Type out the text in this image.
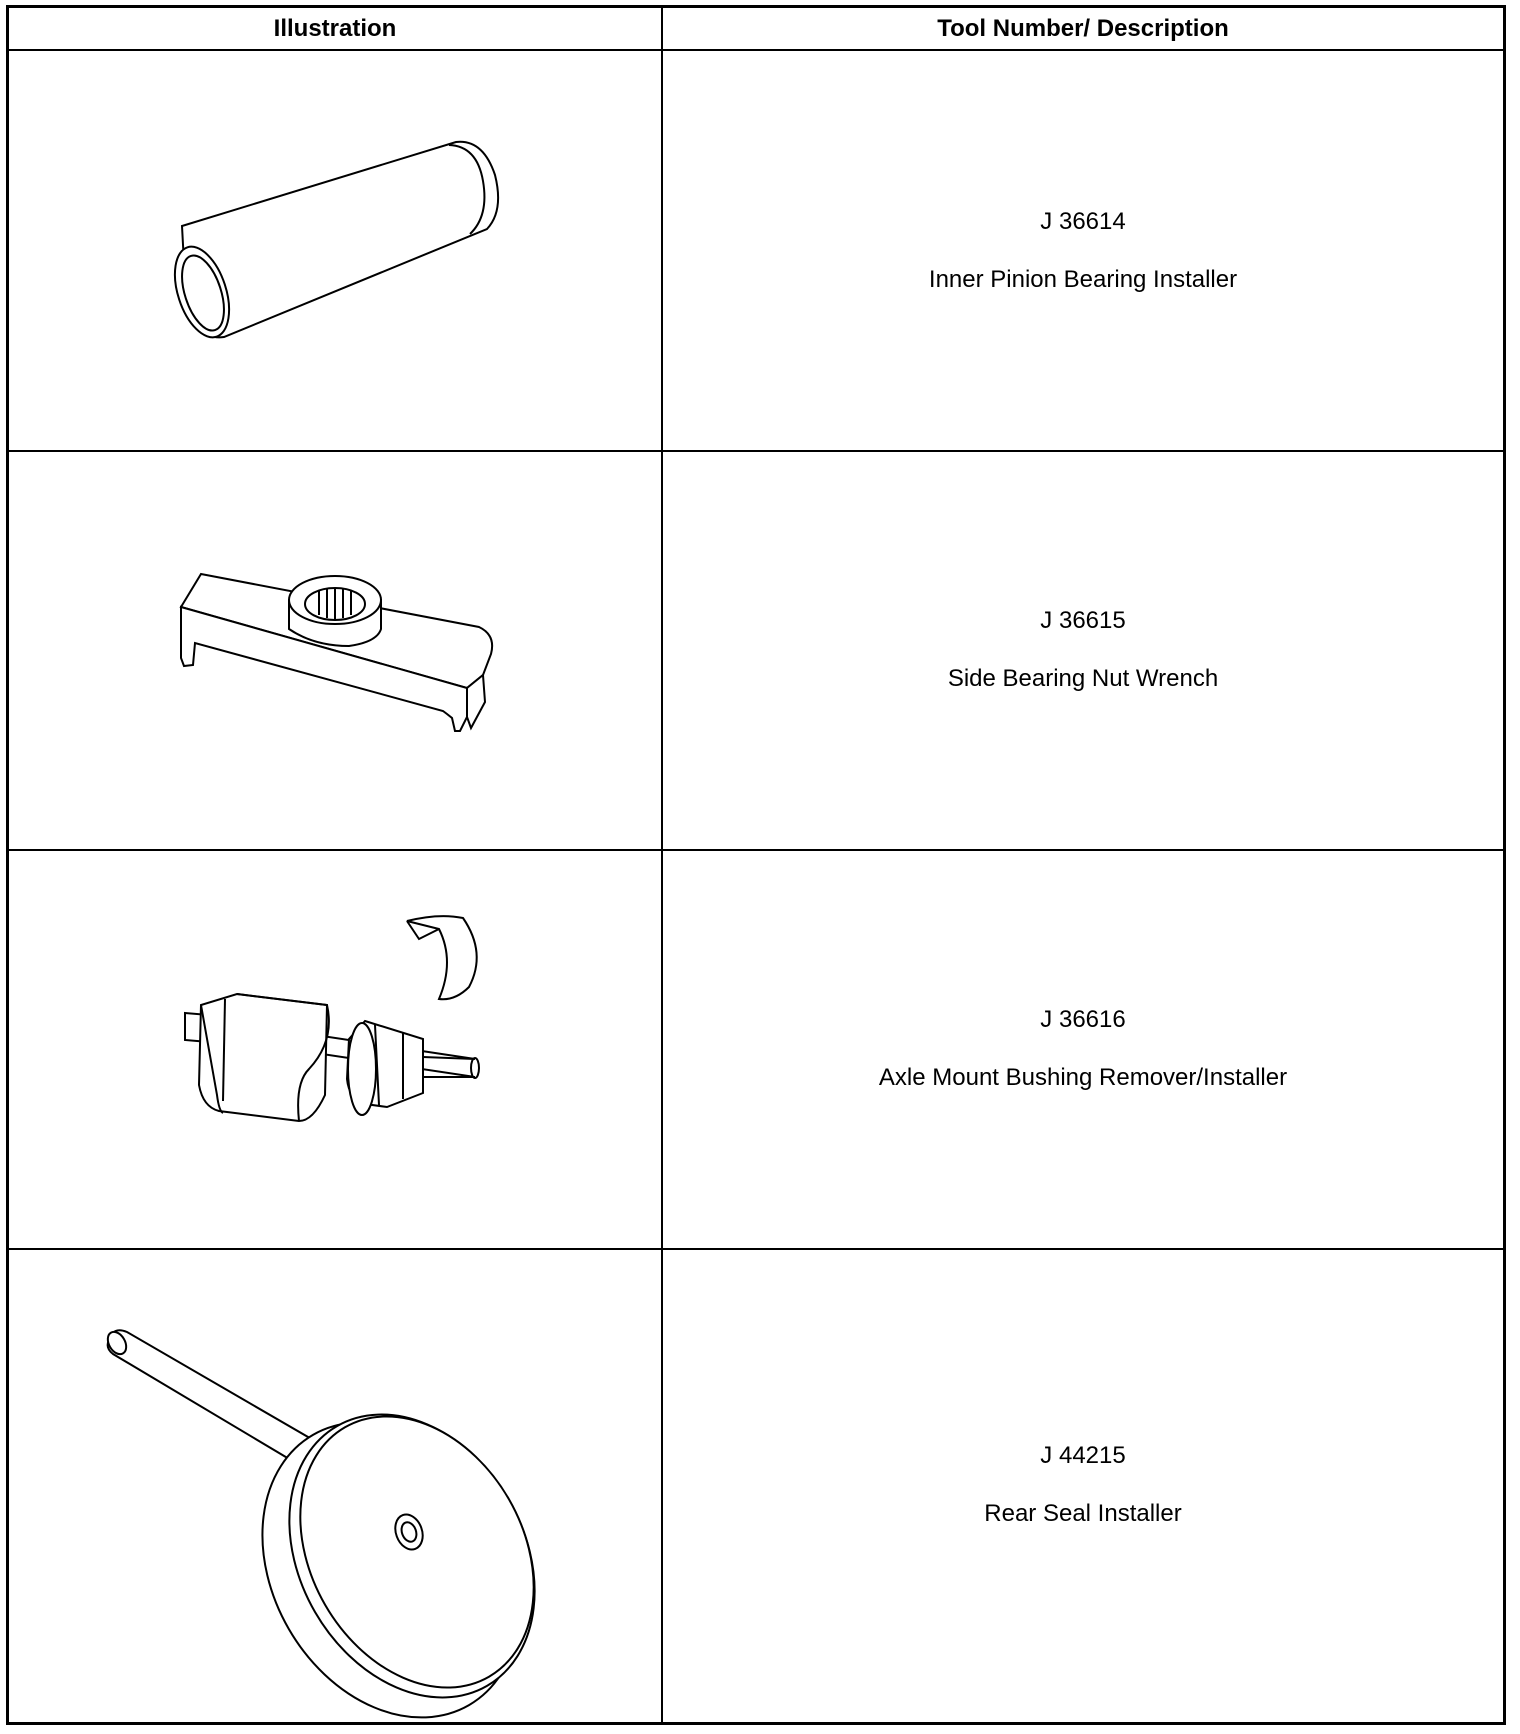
Illustration	Tool Number/ Description
J 36614
Inner Pinion Bearing Installer
J 36615
Side Bearing Nut Wrench
J 36616
Axle Mount Bushing Remover/Installer
J 44215
Rear Seal Installer
